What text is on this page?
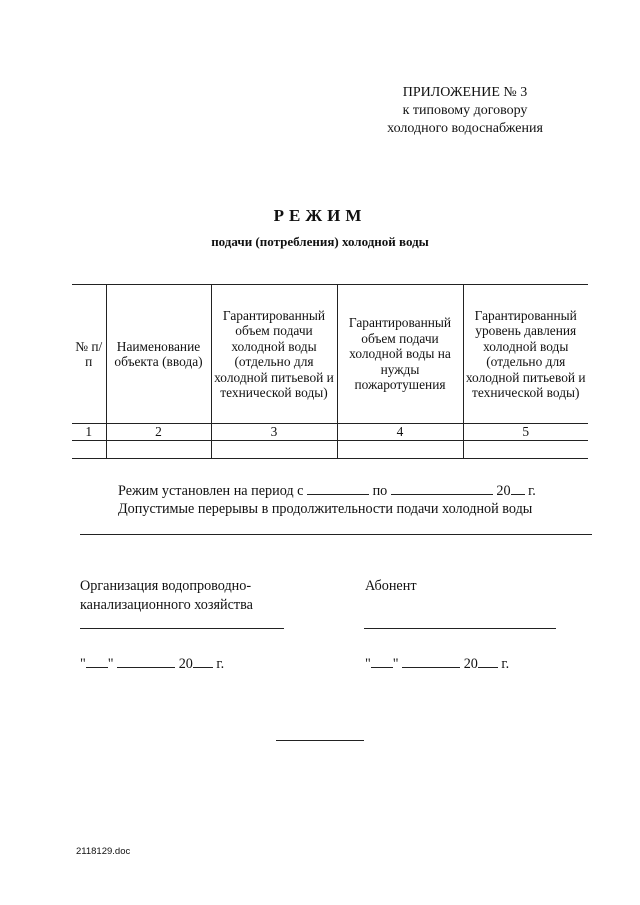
ПРИЛОЖЕНИЕ № 3
к типовому договору
холодного водоснабжения
РЕЖИМ
подачи (потребления) холодной воды
№ п/п	Наименование объекта (ввода)	Гарантированный объем подачи холодной воды (отдельно для холодной питьевой и технической воды)	Гарантированный объем подачи холодной воды на нужды пожаротушения	Гарантированный уровень давления холодной воды (отдельно для холодной питьевой и технической воды)
1	2	3	4	5

Режим установлен на период с	по	20 г.
Допустимые перерывы в продолжительности подачи холодной воды
Организация водопроводно-канализационного хозяйства
Абонент
" "	20 г.	" "	20 г.
2118129.doc
